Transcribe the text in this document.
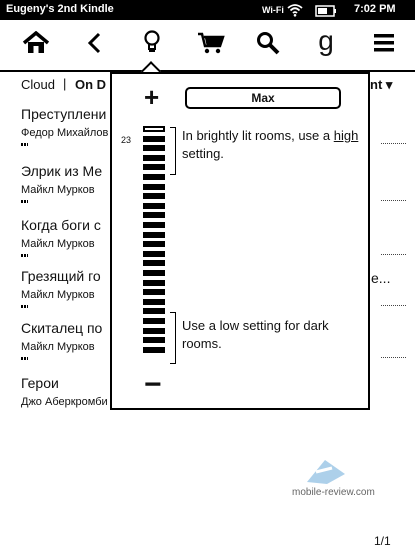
Eugeny's 2nd Kindle	Wi-Fi	7:02 PM
g
Cloud | On D	nt ▾
Преступлени
Федор Михайлов
Элрик из Ме
Майкл Мурков
Когда боги с
Майкл Мурков
Грезящий го
Майкл Мурков
е...
Скиталец по
Майкл Мурков
Герои
Джо Аберкромби
+	Max
23	In brightly lit rooms, use a high setting.
Use a low setting for dark rooms.
−
mobile-review.com
1/1
